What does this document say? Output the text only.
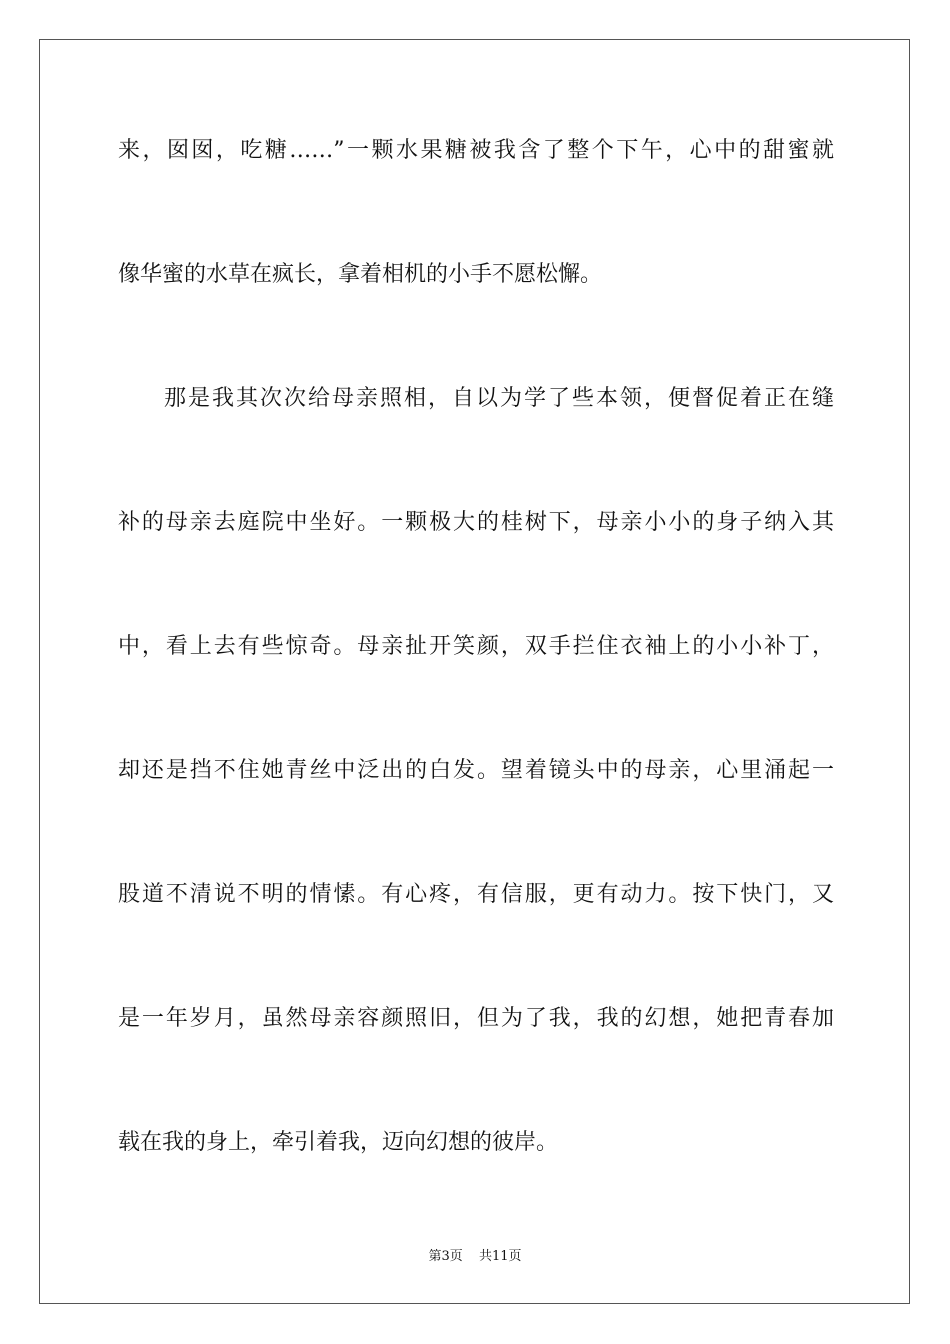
来，囡囡，吃糖……”一颗水果糖被我含了整个下午，心中的甜蜜就
像华蜜的水草在疯长，拿着相机的小手不愿松懈。
那是我其次次给母亲照相，自以为学了些本领，便督促着正在缝
补的母亲去庭院中坐好。一颗极大的桂树下，母亲小小的身子纳入其
中，看上去有些惊奇。母亲扯开笑颜，双手拦住衣袖上的小小补丁，
却还是挡不住她青丝中泛出的白发。望着镜头中的母亲，心里涌起一
股道不清说不明的情愫。有心疼，有信服，更有动力。按下快门，又
是一年岁月，虽然母亲容颜照旧，但为了我，我的幻想，她把青春加
载在我的身上，牵引着我，迈向幻想的彼岸。
第3页 共11页
